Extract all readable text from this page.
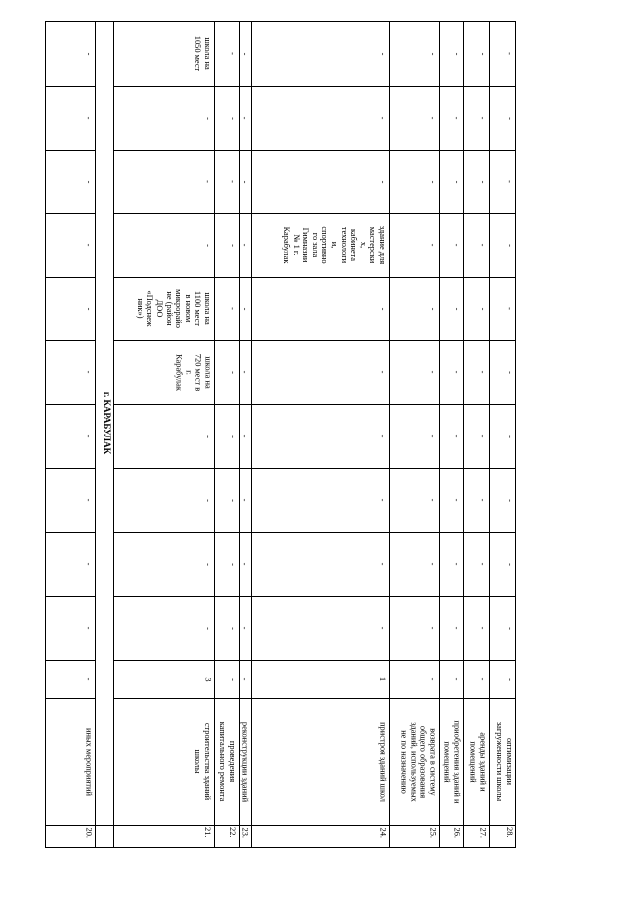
20.
иных мероприятий
-
-
-
-
-
-
-
-
-
-
-
г. КАРАБУЛАК
21.
строительства зданий
школы
3
-
-
-
-
школа на
720 мест в
г.
Карабулак
школа на
1100 мест
в новом
микрорайо
не (район
ДОО
«Подснеж
ник»)
-
-
-
школа на
1050 мест
22.
проведения
капитального ремонта
-
-
-
-
-
-
-
-
-
-
-
23.
реконструкции зданий
-
-
-
-
-
-
-
-
-
-
-
24.
пристроя зданий школ
1
-
-
-
-
-
-
здание для
мастерски
х,
кабинета
технологи
и,
спортивно
го зала
Гимназии
№ 1 г.
Карабулак
-
-
-
25.
возврата в систему
общего образования
зданий, используемых
не по назначению
-
-
-
-
-
-
-
-
-
-
-
26.
приобретения зданий и
помещений
-
-
-
-
-
-
-
-
-
-
-
27.
аренды зданий и
помещений
-
-
-
-
-
-
-
-
-
-
-
28.
оптимизации
загруженности школы
-
-
-
-
-
-
-
-
-
-
-
